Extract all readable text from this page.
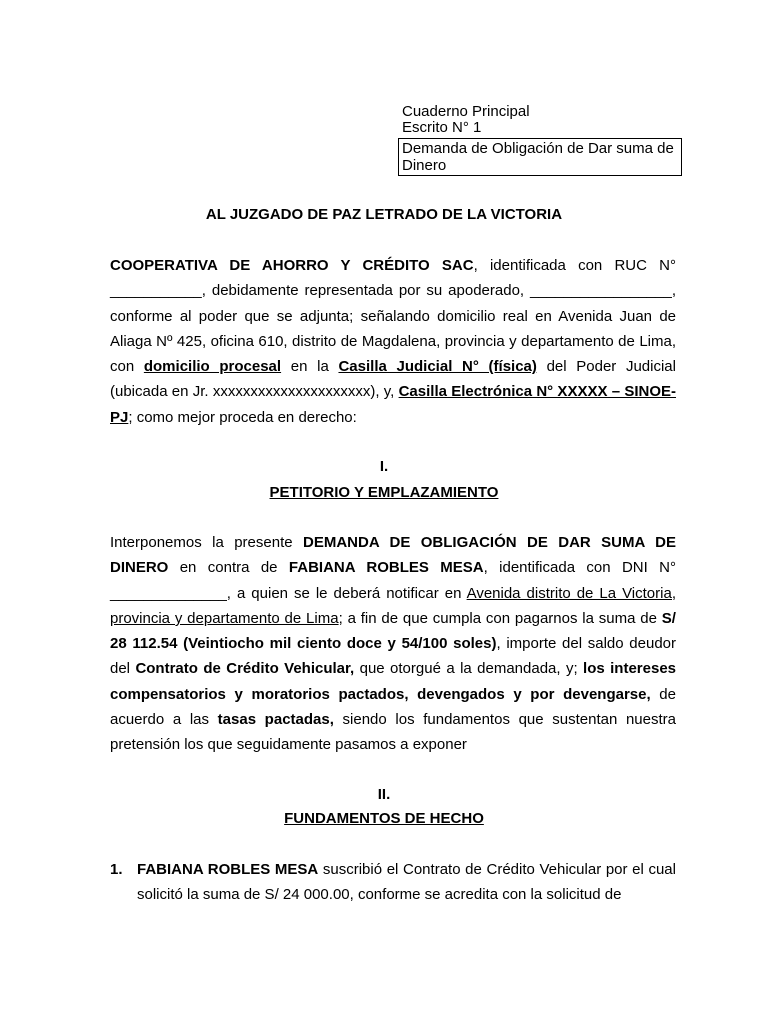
Cuaderno Principal
Escrito N° 1
Demanda de Obligación de Dar suma de Dinero
AL JUZGADO DE PAZ LETRADO DE LA VICTORIA
COOPERATIVA DE AHORRO Y CRÉDITO SAC, identificada con RUC N° ___________, debidamente representada por su apoderado, _________________, conforme al poder que se adjunta; señalando domicilio real en Avenida Juan de Aliaga Nº 425, oficina 610, distrito de Magdalena, provincia y departamento de Lima, con domicilio procesal en la Casilla Judicial N° (física) del Poder Judicial (ubicada en Jr. xxxxxxxxxxxxxxxxxxxxx), y, Casilla Electrónica N° XXXXX – SINOE-PJ; como mejor proceda en derecho:
I.
PETITORIO Y EMPLAZAMIENTO
Interponemos la presente DEMANDA DE OBLIGACIÓN DE DAR SUMA DE DINERO en contra de FABIANA ROBLES MESA, identificada con DNI N° ______________, a quien se le deberá notificar en Avenida distrito de La Victoria, provincia y departamento de Lima; a fin de que cumpla con pagarnos la suma de S/ 28 112.54 (Veintiocho mil ciento doce y 54/100 soles), importe del saldo deudor del Contrato de Crédito Vehicular, que otorgué a la demandada, y; los intereses compensatorios y moratorios pactados, devengados y por devengarse, de acuerdo a las tasas pactadas, siendo los fundamentos que sustentan nuestra pretensión los que seguidamente pasamos a exponer
II.
FUNDAMENTOS DE HECHO
1. FABIANA ROBLES MESA suscribió el Contrato de Crédito Vehicular por el cual solicitó la suma de S/ 24 000.00, conforme se acredita con la solicitud de
